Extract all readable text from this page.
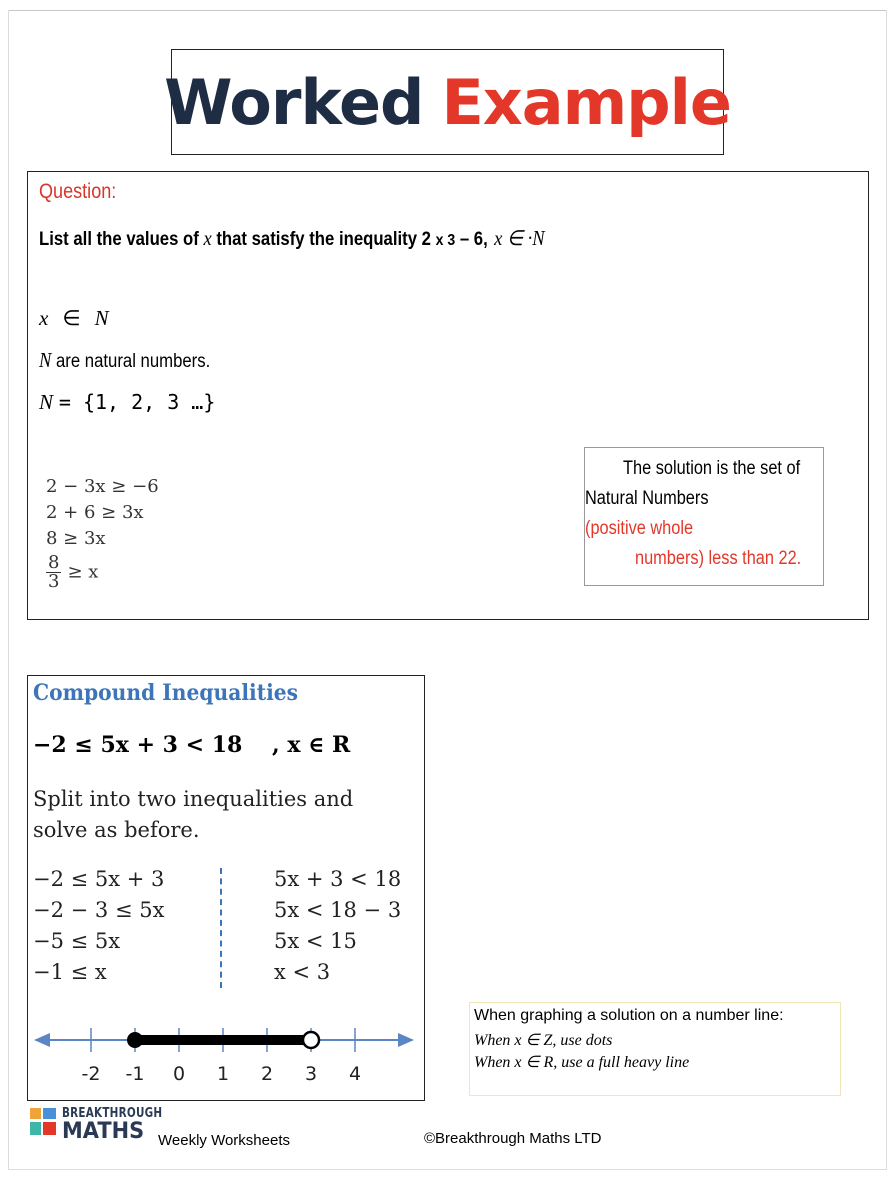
Worked Example
Question:
List all the values of x that satisfy the inequality 2 x 3 – 6, x ∈ ·N
x ∈ N
N are natural numbers.
N = {1, 2, 3 …}
2 − 3x ≥ −6
2 + 6 ≥ 3x
8 ≥ 3x
$\frac{8}{3} \ge x$
The solution is the set of
Natural Numbers
(positive whole
numbers) less than 22.
Compound Inequalities
−2 ≤ 5x + 3 < 18 , x ∈ R
Split into two inequalities and
solve as before.
−2 ≤ 5x + 3
−2 − 3 ≤ 5x
−5 ≤ 5x
−1 ≤ x
5x + 3 < 18
5x < 18 − 3
5x < 15
x < 3
-2 -1 0 1 2 3 4
When graphing a solution on a number line:
When x ∈ Z, use dots
When x ∈ R, use a full heavy line
BREAKTHROUGH
MATHS Weekly Worksheets	©Breakthrough Maths LTD
